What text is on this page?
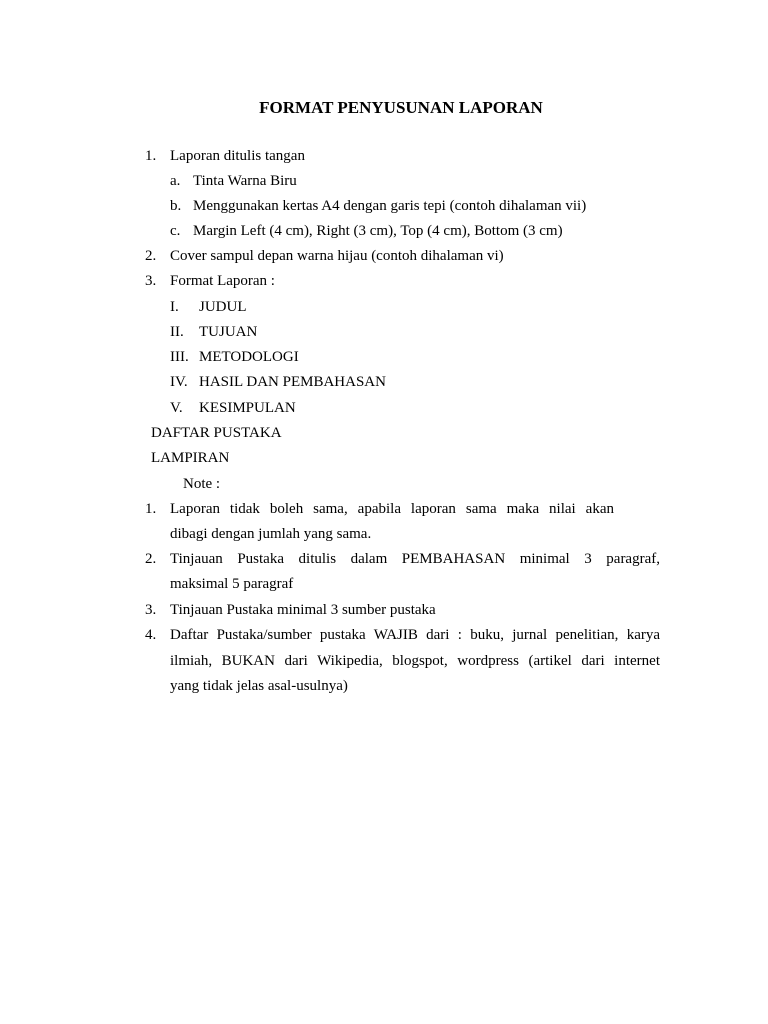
FORMAT PENYUSUNAN LAPORAN
1. Laporan ditulis tangan
a. Tinta Warna Biru
b. Menggunakan kertas A4 dengan garis tepi (contoh dihalaman vii)
c. Margin Left (4 cm), Right (3 cm), Top (4 cm), Bottom (3 cm)
2. Cover sampul depan warna hijau (contoh dihalaman vi)
3. Format Laporan :
I. JUDUL
II. TUJUAN
III. METODOLOGI
IV. HASIL DAN PEMBAHASAN
V. KESIMPULAN
DAFTAR PUSTAKA
LAMPIRAN
Note :
1. Laporan tidak boleh sama, apabila laporan sama maka nilai akan
dibagi dengan jumlah yang sama.
2. Tinjauan Pustaka ditulis dalam PEMBAHASAN minimal 3 paragraf,
maksimal 5 paragraf
3. Tinjauan Pustaka minimal 3 sumber pustaka
4. Daftar Pustaka/sumber pustaka WAJIB dari : buku, jurnal penelitian, karya
ilmiah, BUKAN dari Wikipedia, blogspot, wordpress (artikel dari internet
yang tidak jelas asal-usulnya)
